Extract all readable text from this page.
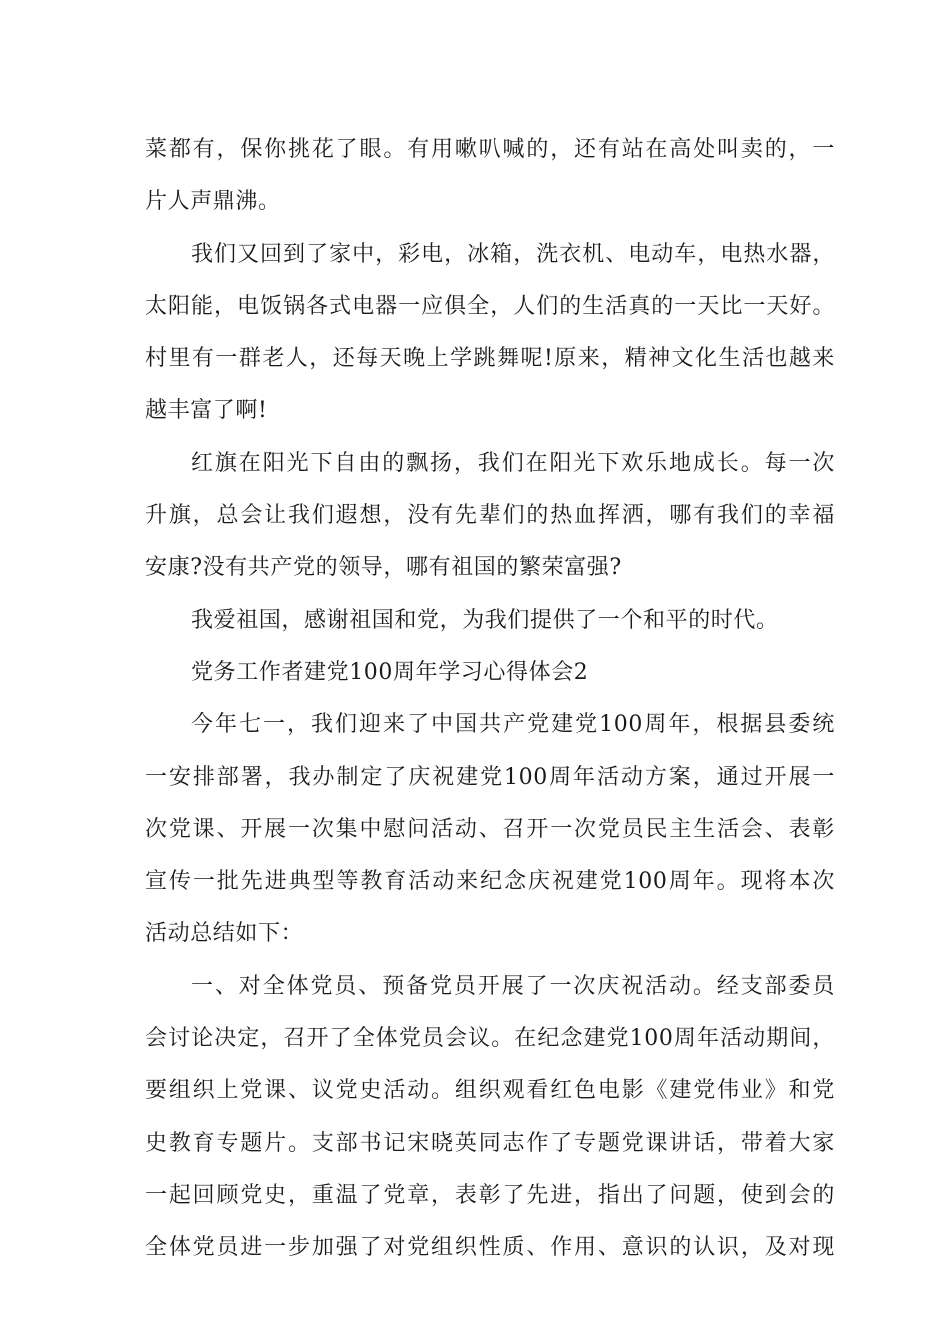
菜都有，保你挑花了眼。有用嗽叭喊的，还有站在高处叫卖的，一
片人声鼎沸。
我们又回到了家中，彩电，冰箱，洗衣机、电动车，电热水器，
太阳能，电饭锅各式电器一应俱全，人们的生活真的一天比一天好。
村里有一群老人，还每天晚上学跳舞呢!原来，精神文化生活也越来
越丰富了啊!
红旗在阳光下自由的飘扬，我们在阳光下欢乐地成长。每一次
升旗，总会让我们遐想，没有先辈们的热血挥洒，哪有我们的幸福
安康?没有共产党的领导，哪有祖国的繁荣富强?
我爱祖国，感谢祖国和党，为我们提供了一个和平的时代。
党务工作者建党100周年学习心得体会2
今年七一，我们迎来了中国共产党建党100周年，根据县委统
一安排部署，我办制定了庆祝建党100周年活动方案，通过开展一
次党课、开展一次集中慰问活动、召开一次党员民主生活会、表彰
宣传一批先进典型等教育活动来纪念庆祝建党100周年。现将本次
活动总结如下：
一、对全体党员、预备党员开展了一次庆祝活动。经支部委员
会讨论决定，召开了全体党员会议。在纪念建党100周年活动期间，
要组织上党课、议党史活动。组织观看红色电影《建党伟业》和党
史教育专题片。支部书记宋晓英同志作了专题党课讲话，带着大家
一起回顾党史，重温了党章，表彰了先进，指出了问题，使到会的
全体党员进一步加强了对党组织性质、作用、意识的认识，及对现
